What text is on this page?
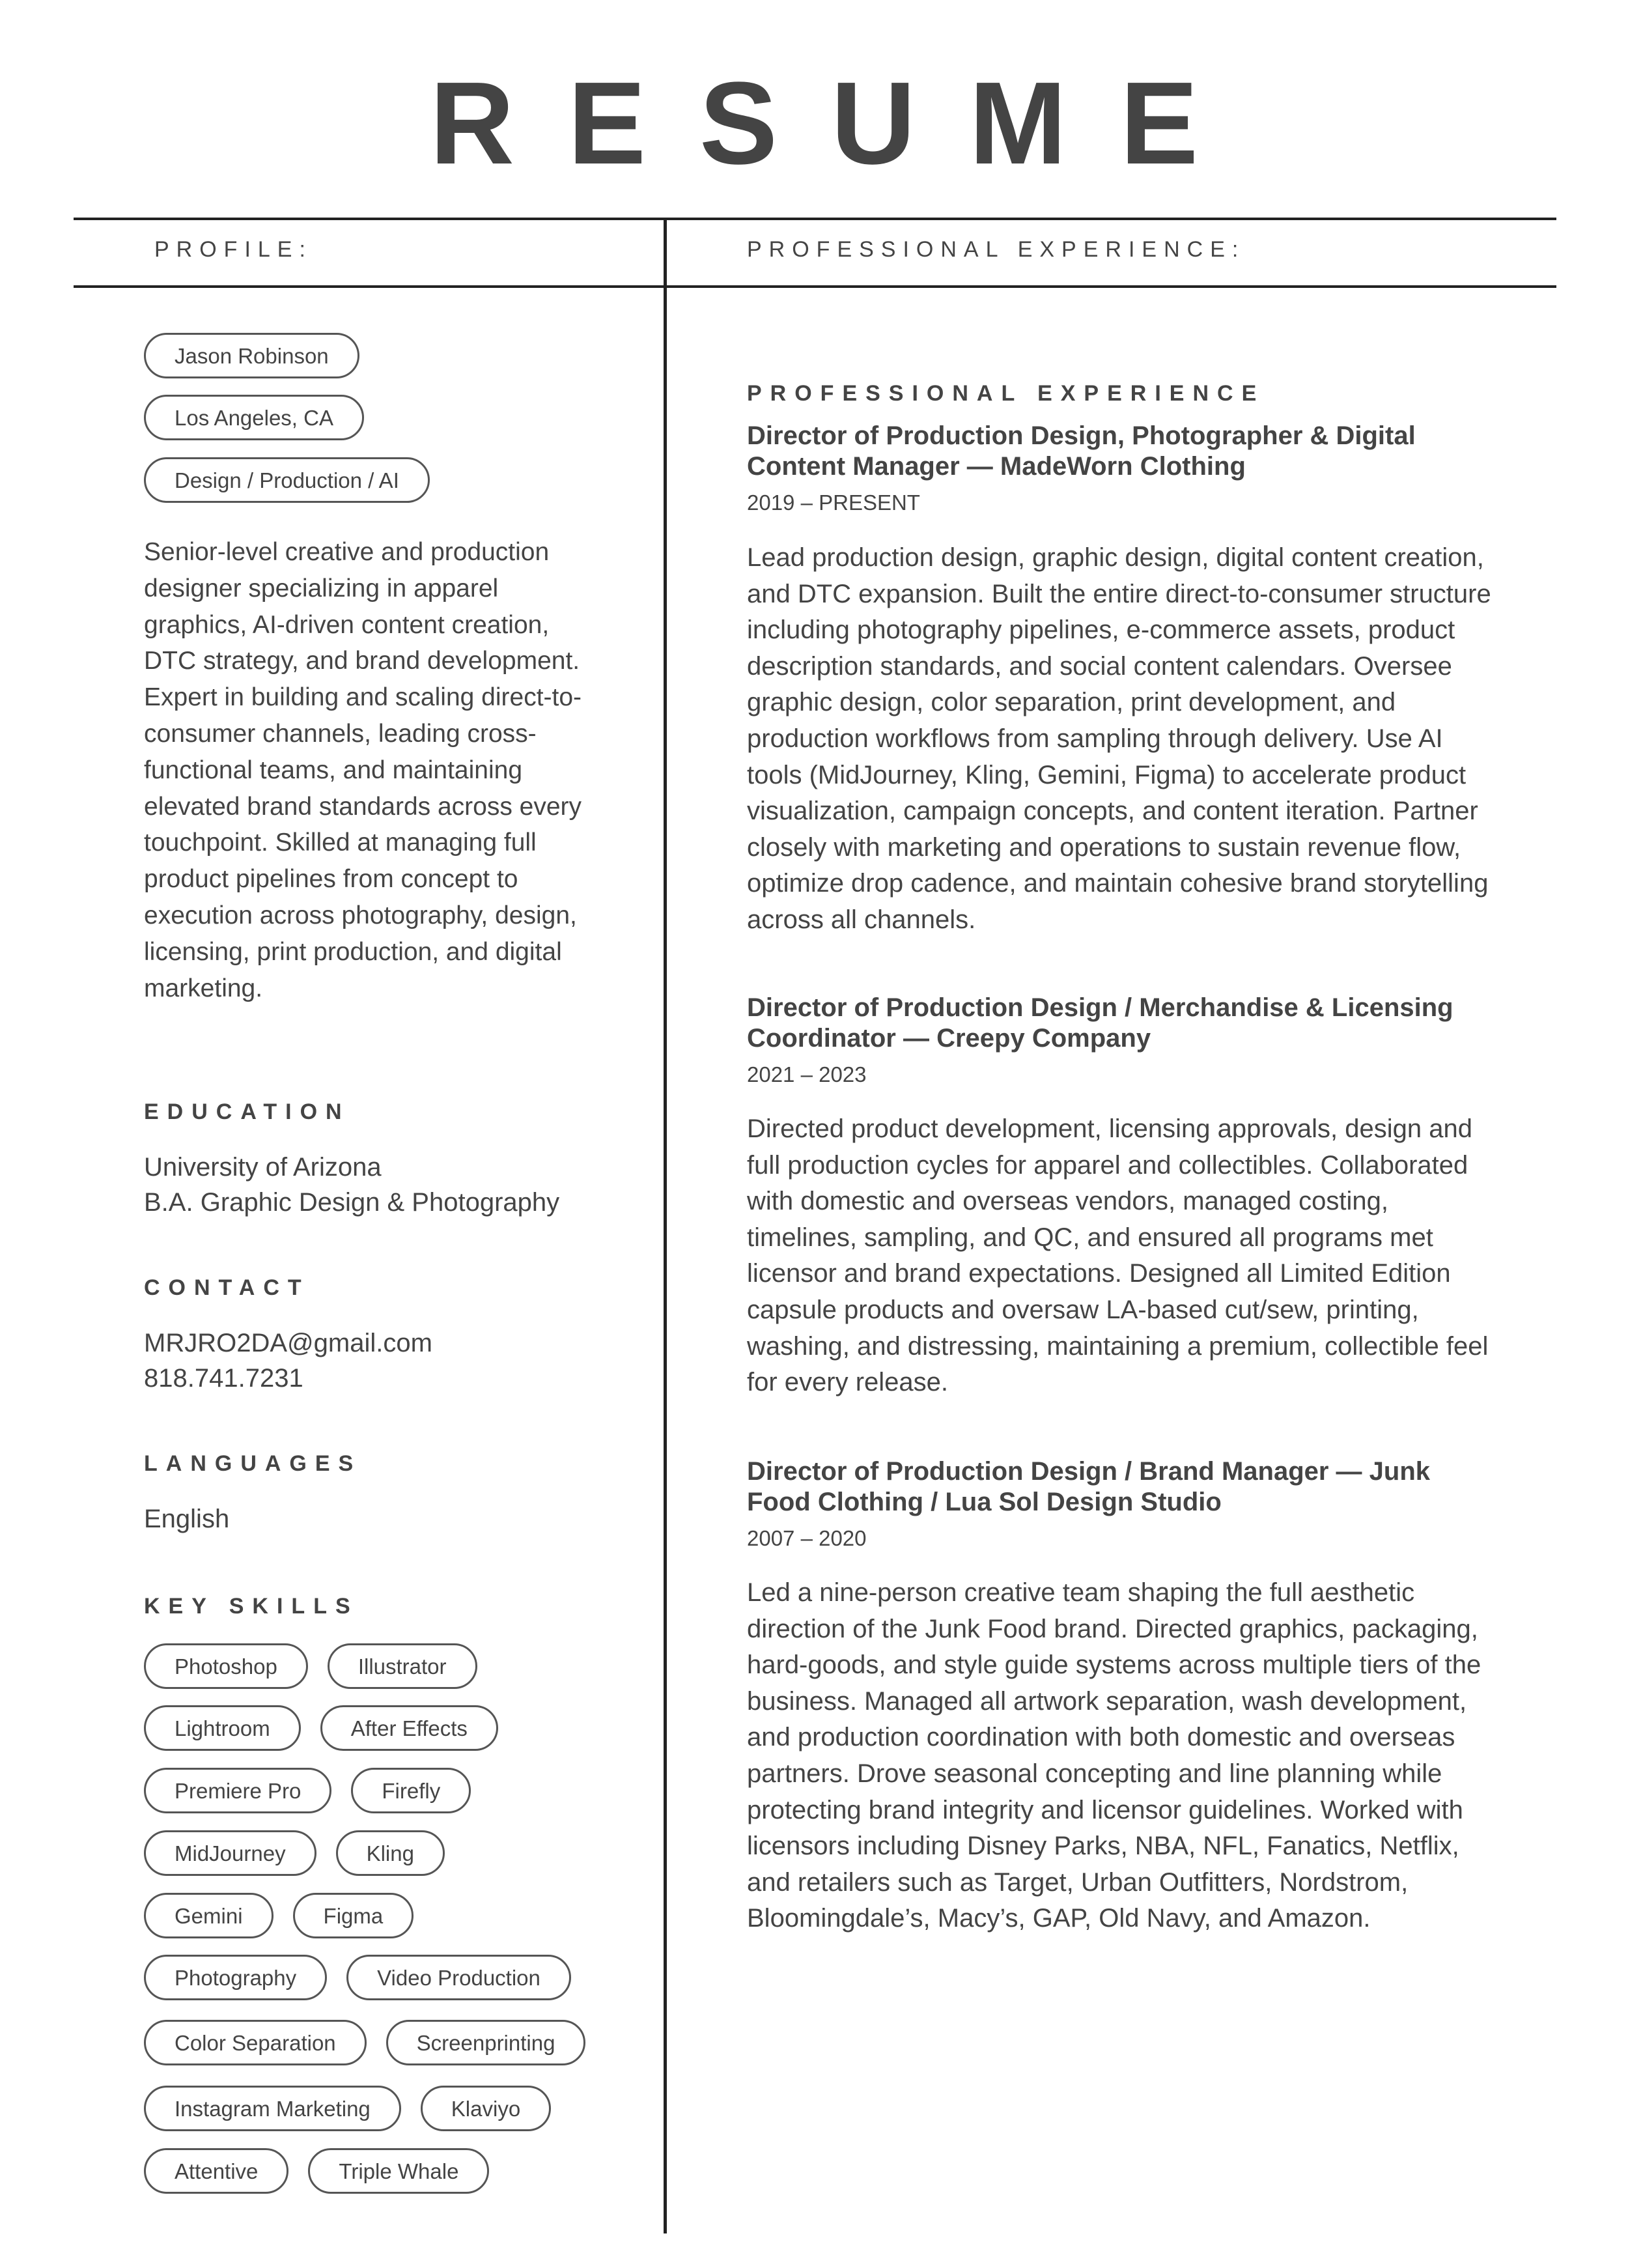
RESUME
PROFILE:	PROFESSIONAL EXPERIENCE:
Jason Robinson
Los Angeles, CA
Design / Production / AI
Senior-level creative and production designer specializing in apparel graphics, AI-driven content creation, DTC strategy, and brand development. Expert in building and scaling direct-to-consumer channels, leading cross-functional teams, and maintaining elevated brand standards across every touchpoint. Skilled at managing full product pipelines from concept to execution across photography, design, licensing, print production, and digital marketing.
EDUCATION
University of Arizona
B.A. Graphic Design & Photography
CONTACT
MRJRO2DA@gmail.com
818.741.7231
LANGUAGES
English
KEY SKILLS
Photoshop	Illustrator
Lightroom	After Effects
Premiere Pro	Firefly
MidJourney	Kling
Gemini	Figma
Photography	Video Production
Color Separation	Screenprinting
Instagram Marketing	Klaviyo
Attentive	Triple Whale
PROFESSIONAL EXPERIENCE
Director of Production Design, Photographer & Digital Content Manager — MadeWorn Clothing
2019 – PRESENT
Lead production design, graphic design, digital content creation, and DTC expansion. Built the entire direct-to-consumer structure including photography pipelines, e-commerce assets, product description standards, and social content calendars. Oversee graphic design, color separation, print development, and production workflows from sampling through delivery. Use AI tools (MidJourney, Kling, Gemini, Figma) to accelerate product visualization, campaign concepts, and content iteration. Partner closely with marketing and operations to sustain revenue flow, optimize drop cadence, and maintain cohesive brand storytelling across all channels.
Director of Production Design / Merchandise & Licensing Coordinator — Creepy Company
2021 – 2023
Directed product development, licensing approvals, design and full production cycles for apparel and collectibles. Collaborated with domestic and overseas vendors, managed costing, timelines, sampling, and QC, and ensured all programs met licensor and brand expectations. Designed all Limited Edition capsule products and oversaw LA-based cut/sew, printing, washing, and distressing, maintaining a premium, collectible feel for every release.
Director of Production Design / Brand Manager — Junk Food Clothing / Lua Sol Design Studio
2007 – 2020
Led a nine-person creative team shaping the full aesthetic direction of the Junk Food brand. Directed graphics, packaging, hard-goods, and style guide systems across multiple tiers of the business. Managed all artwork separation, wash development, and production coordination with both domestic and overseas partners. Drove seasonal concepting and line planning while protecting brand integrity and licensor guidelines. Worked with licensors including Disney Parks, NBA, NFL, Fanatics, Netflix, and retailers such as Target, Urban Outfitters, Nordstrom, Bloomingdale’s, Macy’s, GAP, Old Navy, and Amazon.
